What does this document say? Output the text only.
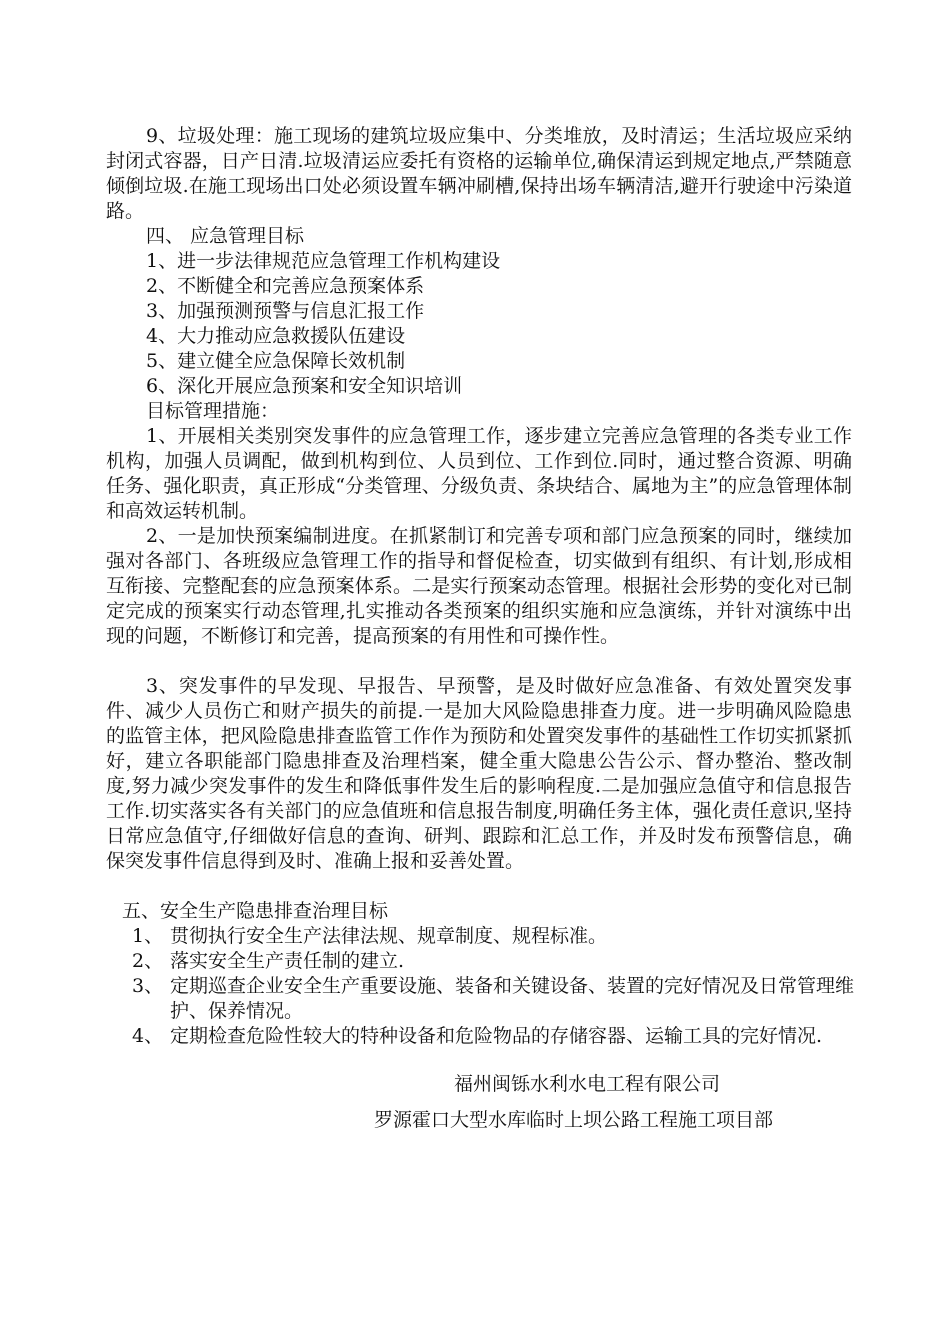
9、垃圾处理：施工现场的建筑垃圾应集中、分类堆放，及时清运；生活垃圾应采纳封闭式容器，日产日清.垃圾清运应委托有资格的运输单位,确保清运到规定地点,严禁随意倾倒垃圾.在施工现场出口处必须设置车辆冲刷槽,保持出场车辆清洁,避开行驶途中污染道路。

四、 应急管理目标

1、进一步法律规范应急管理工作机构建设

2、不断健全和完善应急预案体系

3、加强预测预警与信息汇报工作

4、大力推动应急救援队伍建设

5、建立健全应急保障长效机制

6、深化开展应急预案和安全知识培训

目标管理措施：

1、开展相关类别突发事件的应急管理工作，逐步建立完善应急管理的各类专业工作机构，加强人员调配，做到机构到位、人员到位、工作到位.同时，通过整合资源、明确任务、强化职责，真正形成“分类管理、分级负责、条块结合、属地为主”的应急管理体制和高效运转机制。

2、一是加快预案编制进度。在抓紧制订和完善专项和部门应急预案的同时，继续加强对各部门、各班级应急管理工作的指导和督促检查，切实做到有组织、有计划,形成相互衔接、完整配套的应急预案体系。二是实行预案动态管理。根据社会形势的变化对已制定完成的预案实行动态管理,扎实推动各类预案的组织实施和应急演练，并针对演练中出现的问题，不断修订和完善，提高预案的有用性和可操作性。

3、突发事件的早发现、早报告、早预警，是及时做好应急准备、有效处置突发事件、减少人员伤亡和财产损失的前提.一是加大风险隐患排查力度。进一步明确风险隐患的监管主体，把风险隐患排查监管工作作为预防和处置突发事件的基础性工作切实抓紧抓好，建立各职能部门隐患排查及治理档案，健全重大隐患公告公示、督办整治、整改制度,努力减少突发事件的发生和降低事件发生后的影响程度.二是加强应急值守和信息报告工作.切实落实各有关部门的应急值班和信息报告制度,明确任务主体，强化责任意识,坚持日常应急值守,仔细做好信息的查询、研判、跟踪和汇总工作，并及时发布预警信息，确保突发事件信息得到及时、准确上报和妥善处置。

五、安全生产隐患排查治理目标

1、 贯彻执行安全生产法律法规、规章制度、规程标准。
2、 落实安全生产责任制的建立.
3、 定期巡查企业安全生产重要设施、装备和关键设备、装置的完好情况及日常管理维护、保养情况。
4、 定期检查危险性较大的特种设备和危险物品的存储容器、运输工具的完好情况.

福州闽铄水利水电工程有限公司

罗源霍口大型水库临时上坝公路工程施工项目部
